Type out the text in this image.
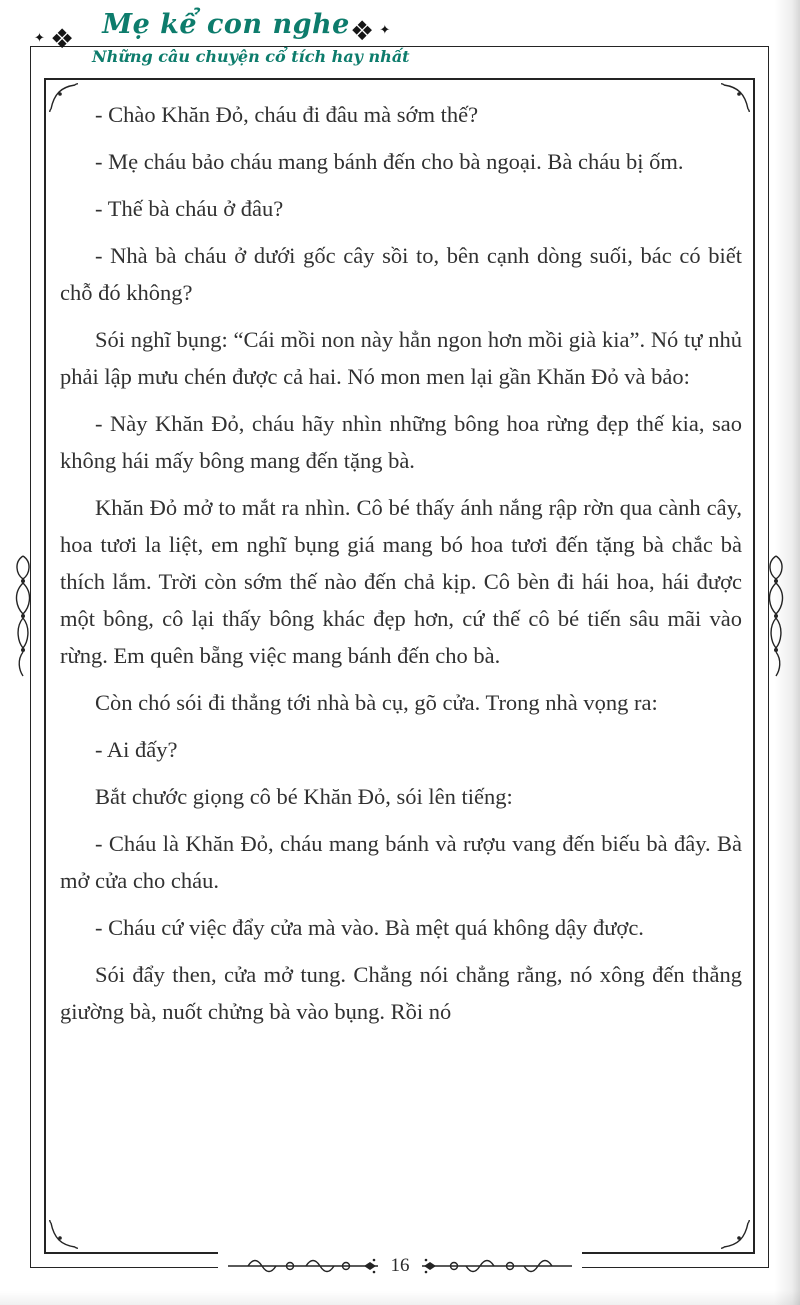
✦ ❖	Mẹ kể con nghe
Những câu chuyện cổ tích hay nhất
❖ ✦

- Chào Khăn Đỏ, cháu đi đâu mà sớm thế?

- Mẹ cháu bảo cháu mang bánh đến cho bà ngoại. Bà cháu bị ốm.

- Thế bà cháu ở đâu?

- Nhà bà cháu ở dưới gốc cây sồi to, bên cạnh dòng suối, bác có biết chỗ đó không?

Sói nghĩ bụng: “Cái mồi non này hẳn ngon hơn mồi già kia”. Nó tự nhủ phải lập mưu chén được cả hai. Nó mon men lại gần Khăn Đỏ và bảo:

- Này Khăn Đỏ, cháu hãy nhìn những bông hoa rừng đẹp thế kia, sao không hái mấy bông mang đến tặng bà.

Khăn Đỏ mở to mắt ra nhìn. Cô bé thấy ánh nắng rập rờn qua cành cây, hoa tươi la liệt, em nghĩ bụng giá mang bó hoa tươi đến tặng bà chắc bà thích lắm. Trời còn sớm thế nào đến chả kịp. Cô bèn đi hái hoa, hái được một bông, cô lại thấy bông khác đẹp hơn, cứ thế cô bé tiến sâu mãi vào rừng. Em quên bẵng việc mang bánh đến cho bà.

Còn chó sói đi thẳng tới nhà bà cụ, gõ cửa. Trong nhà vọng ra:

- Ai đấy?

Bắt chước giọng cô bé Khăn Đỏ, sói lên tiếng:

- Cháu là Khăn Đỏ, cháu mang bánh và rượu vang đến biếu bà đây. Bà mở cửa cho cháu.

- Cháu cứ việc đẩy cửa mà vào. Bà mệt quá không dậy được.

Sói đẩy then, cửa mở tung. Chẳng nói chẳng rằng, nó xông đến thẳng giường bà, nuốt chửng bà vào bụng. Rồi nó

16
